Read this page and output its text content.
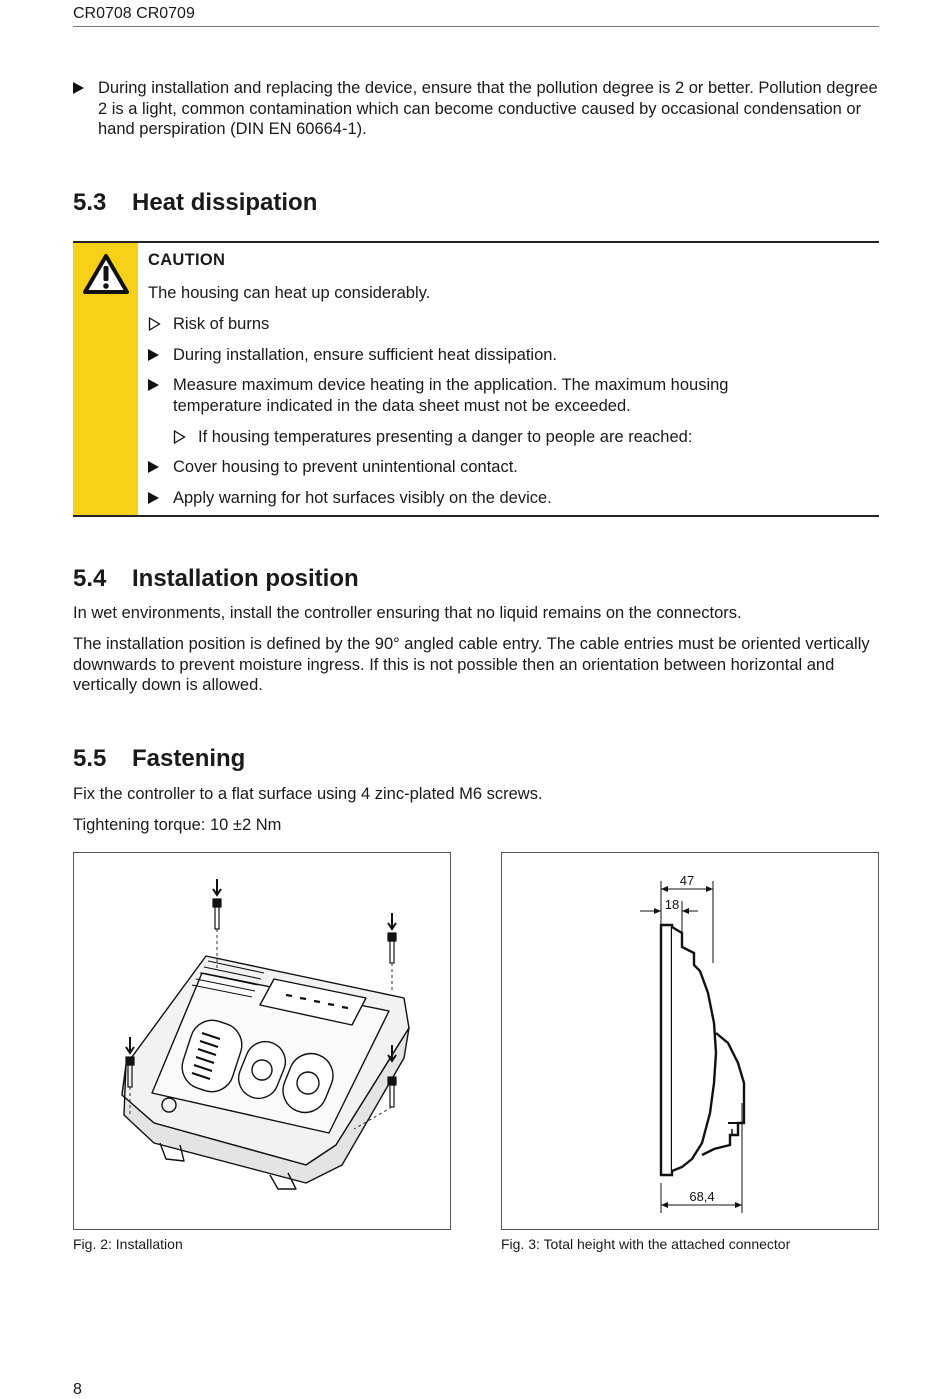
CR0708 CR0709
During installation and replacing the device, ensure that the pollution degree is 2 or better. Pollution degree 2 is a light, common contamination which can become conductive caused by occasional condensation or hand perspiration (DIN EN 60664-1).
5.3 Heat dissipation
CAUTION
The housing can heat up considerably.
Risk of burns
During installation, ensure sufficient heat dissipation.
Measure maximum device heating in the application. The maximum housing temperature indicated in the data sheet must not be exceeded.
If housing temperatures presenting a danger to people are reached:
Cover housing to prevent unintentional contact.
Apply warning for hot surfaces visibly on the device.
5.4 Installation position
In wet environments, install the controller ensuring that no liquid remains on the connectors.
The installation position is defined by the 90° angled cable entry. The cable entries must be oriented vertically downwards to prevent moisture ingress. If this is not possible then an orientation between horizontal and vertically down is allowed.
5.5 Fastening
Fix the controller to a flat surface using 4 zinc-plated M6 screws.
Tightening torque: 10 ±2 Nm
Fig. 2: Installation
47
18
68,4
Fig. 3: Total height with the attached connector
8
